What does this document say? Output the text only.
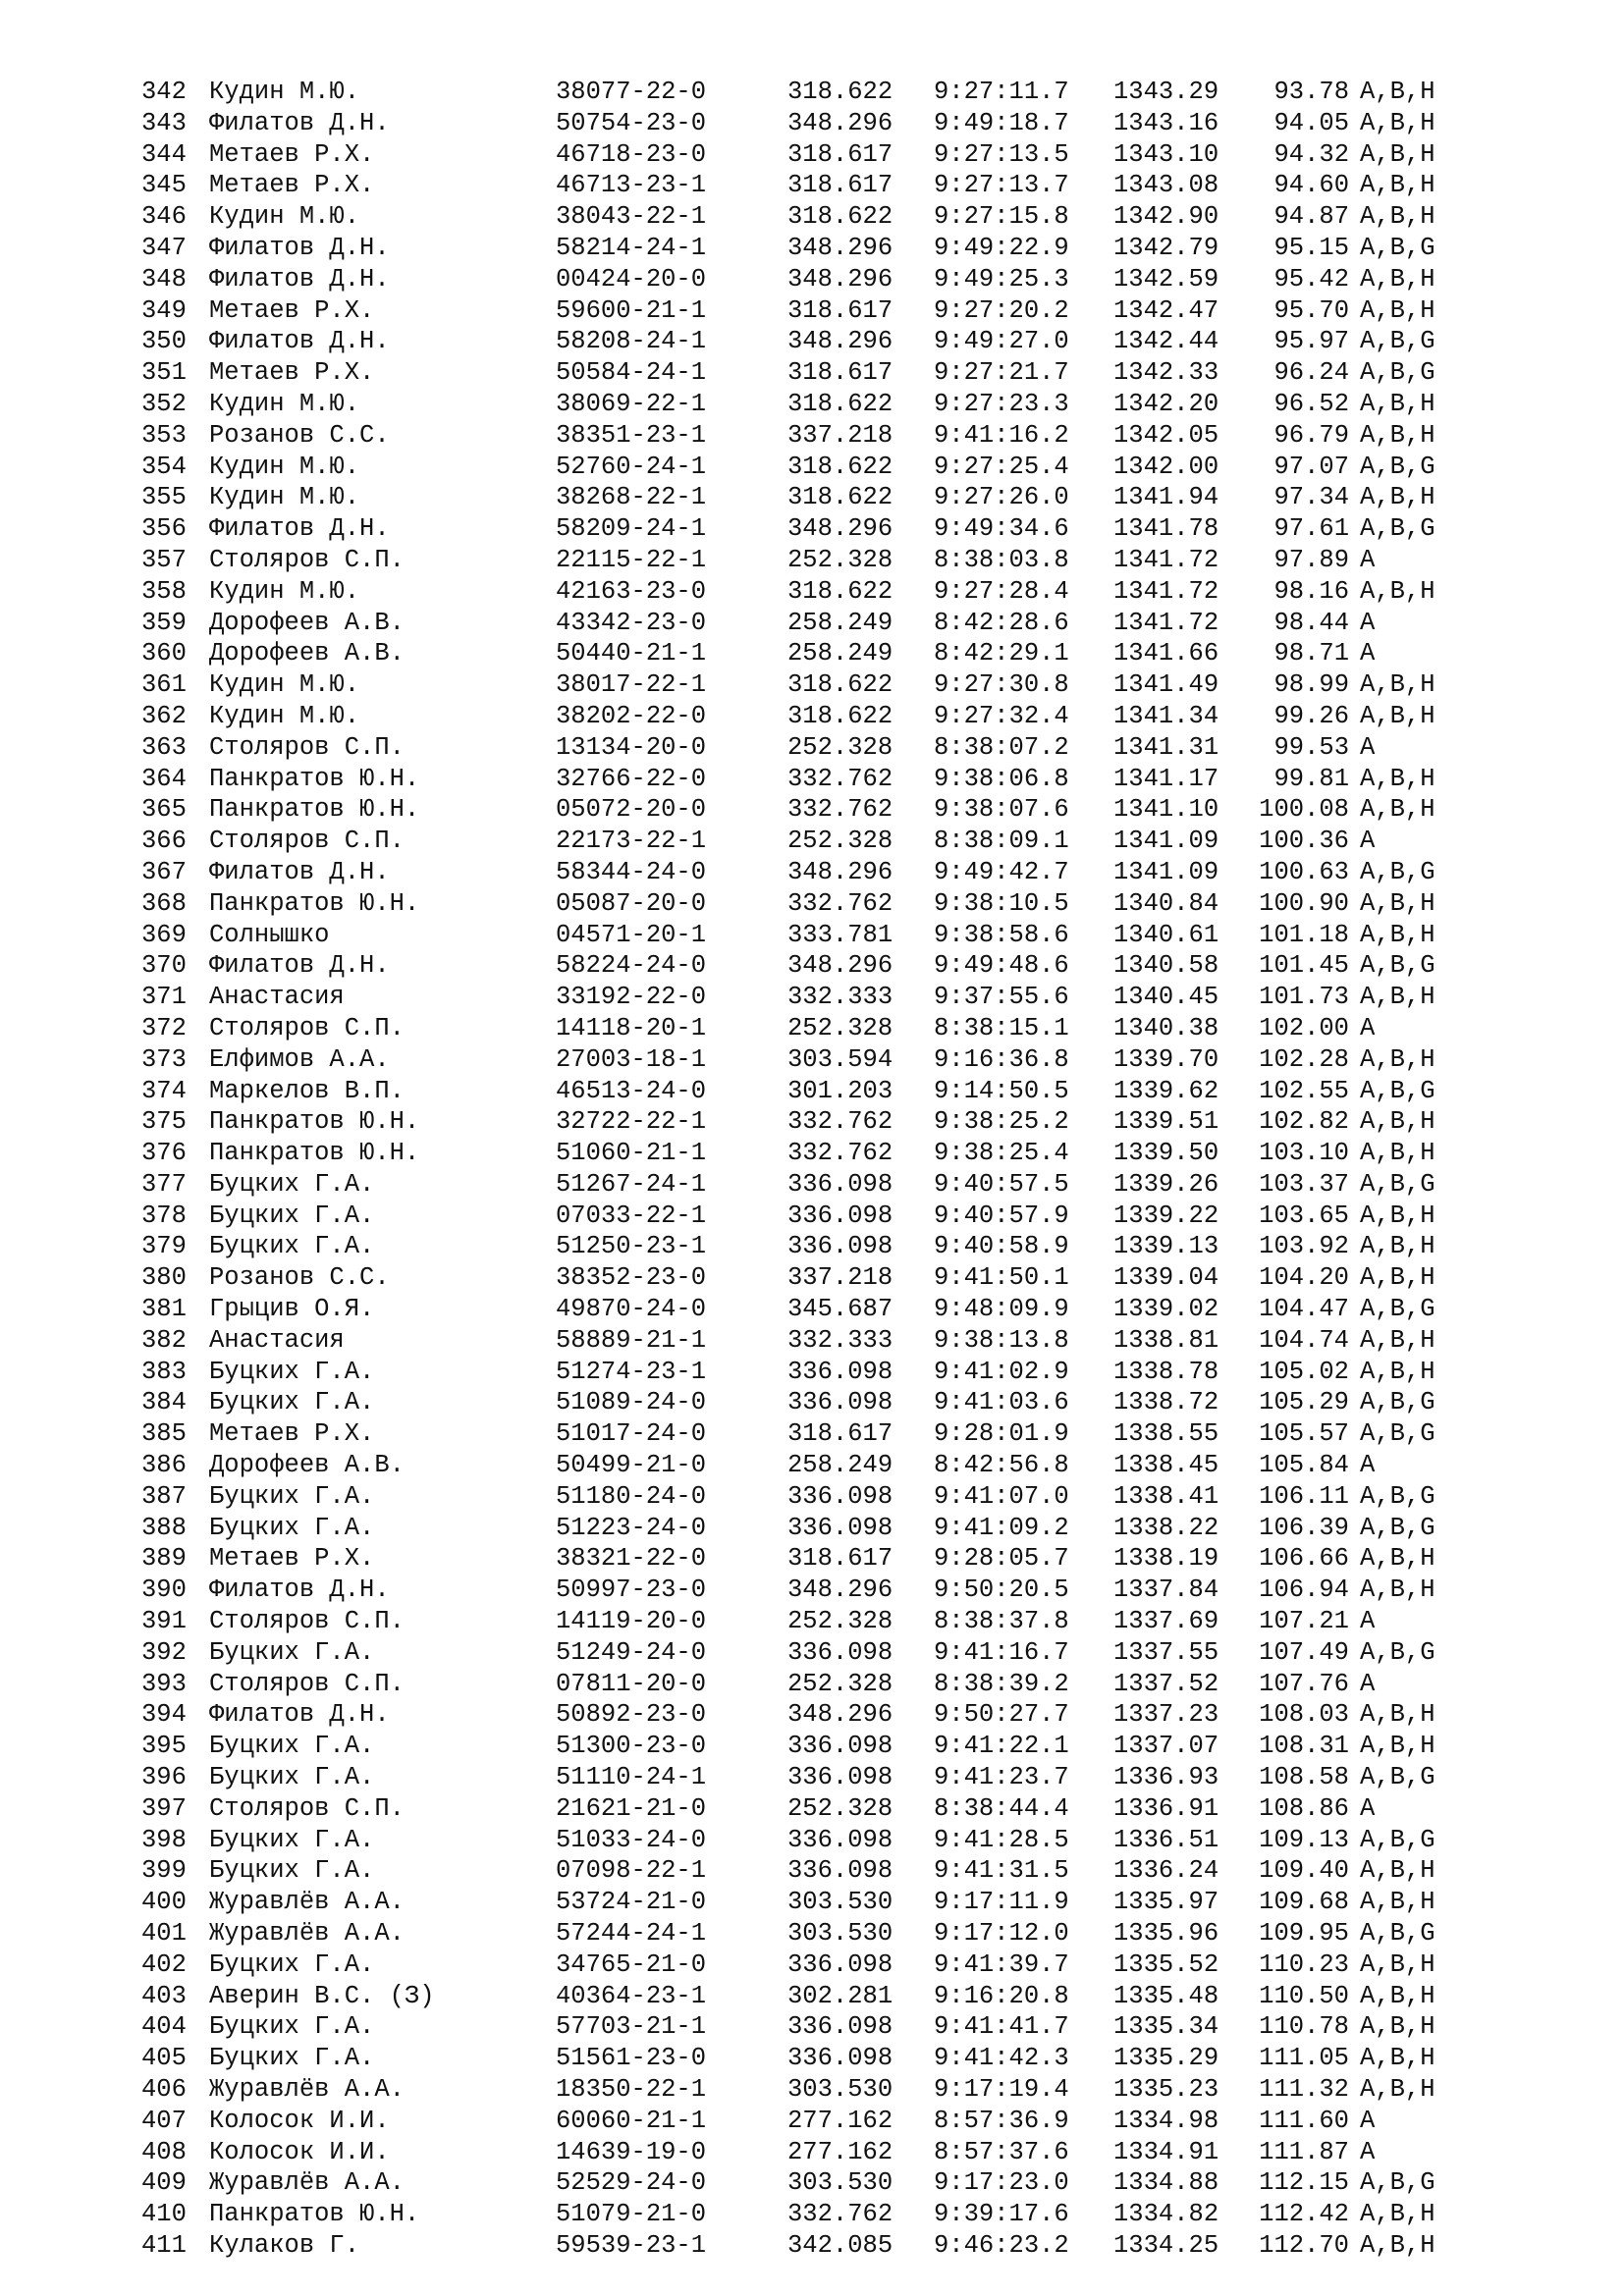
342 Кудин М.Ю.	38077-22-0	318.622 9:27:11.7 1343.29	93.78 A,B,H
343 Филатов Д.Н.	50754-23-0	348.296 9:49:18.7 1343.16	94.05 A,B,H
344 Метаев Р.Х.	46718-23-0	318.617 9:27:13.5 1343.10	94.32 A,B,H
345 Метаев Р.Х.	46713-23-1	318.617 9:27:13.7 1343.08	94.60 A,B,H
346 Кудин М.Ю.	38043-22-1	318.622 9:27:15.8 1342.90	94.87 A,B,H
347 Филатов Д.Н.	58214-24-1	348.296 9:49:22.9 1342.79	95.15 A,B,G
348 Филатов Д.Н.	00424-20-0	348.296 9:49:25.3 1342.59	95.42 A,B,H
349 Метаев Р.Х.	59600-21-1	318.617 9:27:20.2 1342.47	95.70 A,B,H
350 Филатов Д.Н.	58208-24-1	348.296 9:49:27.0 1342.44	95.97 A,B,G
351 Метаев Р.Х.	50584-24-1	318.617 9:27:21.7 1342.33	96.24 A,B,G
352 Кудин М.Ю.	38069-22-1	318.622 9:27:23.3 1342.20	96.52 A,B,H
353 Розанов С.С.	38351-23-1	337.218 9:41:16.2 1342.05	96.79 A,B,H
354 Кудин М.Ю.	52760-24-1	318.622 9:27:25.4 1342.00	97.07 A,B,G
355 Кудин М.Ю.	38268-22-1	318.622 9:27:26.0 1341.94	97.34 A,B,H
356 Филатов Д.Н.	58209-24-1	348.296 9:49:34.6 1341.78	97.61 A,B,G
357 Столяров С.П.	22115-22-1	252.328 8:38:03.8 1341.72	97.89 A
358 Кудин М.Ю.	42163-23-0	318.622 9:27:28.4 1341.72	98.16 A,B,H
359 Дорофеев А.В.	43342-23-0	258.249 8:42:28.6 1341.72	98.44 A
360 Дорофеев А.В.	50440-21-1	258.249 8:42:29.1 1341.66	98.71 A
361 Кудин М.Ю.	38017-22-1	318.622 9:27:30.8 1341.49	98.99 A,B,H
362 Кудин М.Ю.	38202-22-0	318.622 9:27:32.4 1341.34	99.26 A,B,H
363 Столяров С.П.	13134-20-0	252.328 8:38:07.2 1341.31	99.53 A
364 Панкратов Ю.Н.	32766-22-0	332.762 9:38:06.8 1341.17	99.81 A,B,H
365 Панкратов Ю.Н.	05072-20-0	332.762 9:38:07.6 1341.10	100.08 A,B,H
366 Столяров С.П.	22173-22-1	252.328 8:38:09.1 1341.09	100.36 A
367 Филатов Д.Н.	58344-24-0	348.296 9:49:42.7 1341.09	100.63 A,B,G
368 Панкратов Ю.Н.	05087-20-0	332.762 9:38:10.5 1340.84	100.90 A,B,H
369 Солнышко	04571-20-1	333.781 9:38:58.6 1340.61	101.18 A,B,H
370 Филатов Д.Н.	58224-24-0	348.296 9:49:48.6 1340.58	101.45 A,B,G
371 Анастасия	33192-22-0	332.333 9:37:55.6 1340.45	101.73 A,B,H
372 Столяров С.П.	14118-20-1	252.328 8:38:15.1 1340.38	102.00 A
373 Елфимов А.А.	27003-18-1	303.594 9:16:36.8 1339.70	102.28 A,B,H
374 Маркелов В.П.	46513-24-0	301.203 9:14:50.5 1339.62	102.55 A,B,G
375 Панкратов Ю.Н.	32722-22-1	332.762 9:38:25.2 1339.51	102.82 A,B,H
376 Панкратов Ю.Н.	51060-21-1	332.762 9:38:25.4 1339.50	103.10 A,B,H
377 Буцких Г.А.	51267-24-1	336.098 9:40:57.5 1339.26	103.37 A,B,G
378 Буцких Г.А.	07033-22-1	336.098 9:40:57.9 1339.22	103.65 A,B,H
379 Буцких Г.А.	51250-23-1	336.098 9:40:58.9 1339.13	103.92 A,B,H
380 Розанов С.С.	38352-23-0	337.218 9:41:50.1 1339.04	104.20 A,B,H
381 Грыцив О.Я.	49870-24-0	345.687 9:48:09.9 1339.02	104.47 A,B,G
382 Анастасия	58889-21-1	332.333 9:38:13.8 1338.81	104.74 A,B,H
383 Буцких Г.А.	51274-23-1	336.098 9:41:02.9 1338.78	105.02 A,B,H
384 Буцких Г.А.	51089-24-0	336.098 9:41:03.6 1338.72	105.29 A,B,G
385 Метаев Р.Х.	51017-24-0	318.617 9:28:01.9 1338.55	105.57 A,B,G
386 Дорофеев А.В.	50499-21-0	258.249 8:42:56.8 1338.45	105.84 A
387 Буцких Г.А.	51180-24-0	336.098 9:41:07.0 1338.41	106.11 A,B,G
388 Буцких Г.А.	51223-24-0	336.098 9:41:09.2 1338.22	106.39 A,B,G
389 Метаев Р.Х.	38321-22-0	318.617 9:28:05.7 1338.19	106.66 A,B,H
390 Филатов Д.Н.	50997-23-0	348.296 9:50:20.5 1337.84	106.94 A,B,H
391 Столяров С.П.	14119-20-0	252.328 8:38:37.8 1337.69	107.21 A
392 Буцких Г.А.	51249-24-0	336.098 9:41:16.7 1337.55	107.49 A,B,G
393 Столяров С.П.	07811-20-0	252.328 8:38:39.2 1337.52	107.76 A
394 Филатов Д.Н.	50892-23-0	348.296 9:50:27.7 1337.23	108.03 A,B,H
395 Буцких Г.А.	51300-23-0	336.098 9:41:22.1 1337.07	108.31 A,B,H
396 Буцких Г.А.	51110-24-1	336.098 9:41:23.7 1336.93	108.58 A,B,G
397 Столяров С.П.	21621-21-0	252.328 8:38:44.4 1336.91	108.86 A
398 Буцких Г.А.	51033-24-0	336.098 9:41:28.5 1336.51	109.13 A,B,G
399 Буцких Г.А.	07098-22-1	336.098 9:41:31.5 1336.24	109.40 A,B,H
400 Журавлёв А.А.	53724-21-0	303.530 9:17:11.9 1335.97	109.68 A,B,H
401 Журавлёв А.А.	57244-24-1	303.530 9:17:12.0 1335.96	109.95 A,B,G
402 Буцких Г.А.	34765-21-0	336.098 9:41:39.7 1335.52	110.23 A,B,H
403 Аверин В.С. (З)	40364-23-1	302.281 9:16:20.8 1335.48	110.50 A,B,H
404 Буцких Г.А.	57703-21-1	336.098 9:41:41.7 1335.34	110.78 A,B,H
405 Буцких Г.А.	51561-23-0	336.098 9:41:42.3 1335.29	111.05 A,B,H
406 Журавлёв А.А.	18350-22-1	303.530 9:17:19.4 1335.23	111.32 A,B,H
407 Колосок И.И.	60060-21-1	277.162 8:57:36.9 1334.98	111.60 A
408 Колосок И.И.	14639-19-0	277.162 8:57:37.6 1334.91	111.87 A
409 Журавлёв А.А.	52529-24-0	303.530 9:17:23.0 1334.88	112.15 A,B,G
410 Панкратов Ю.Н.	51079-21-0	332.762 9:39:17.6 1334.82	112.42 A,B,H
411 Кулаков Г.	59539-23-1	342.085 9:46:23.2 1334.25	112.70 A,B,H
